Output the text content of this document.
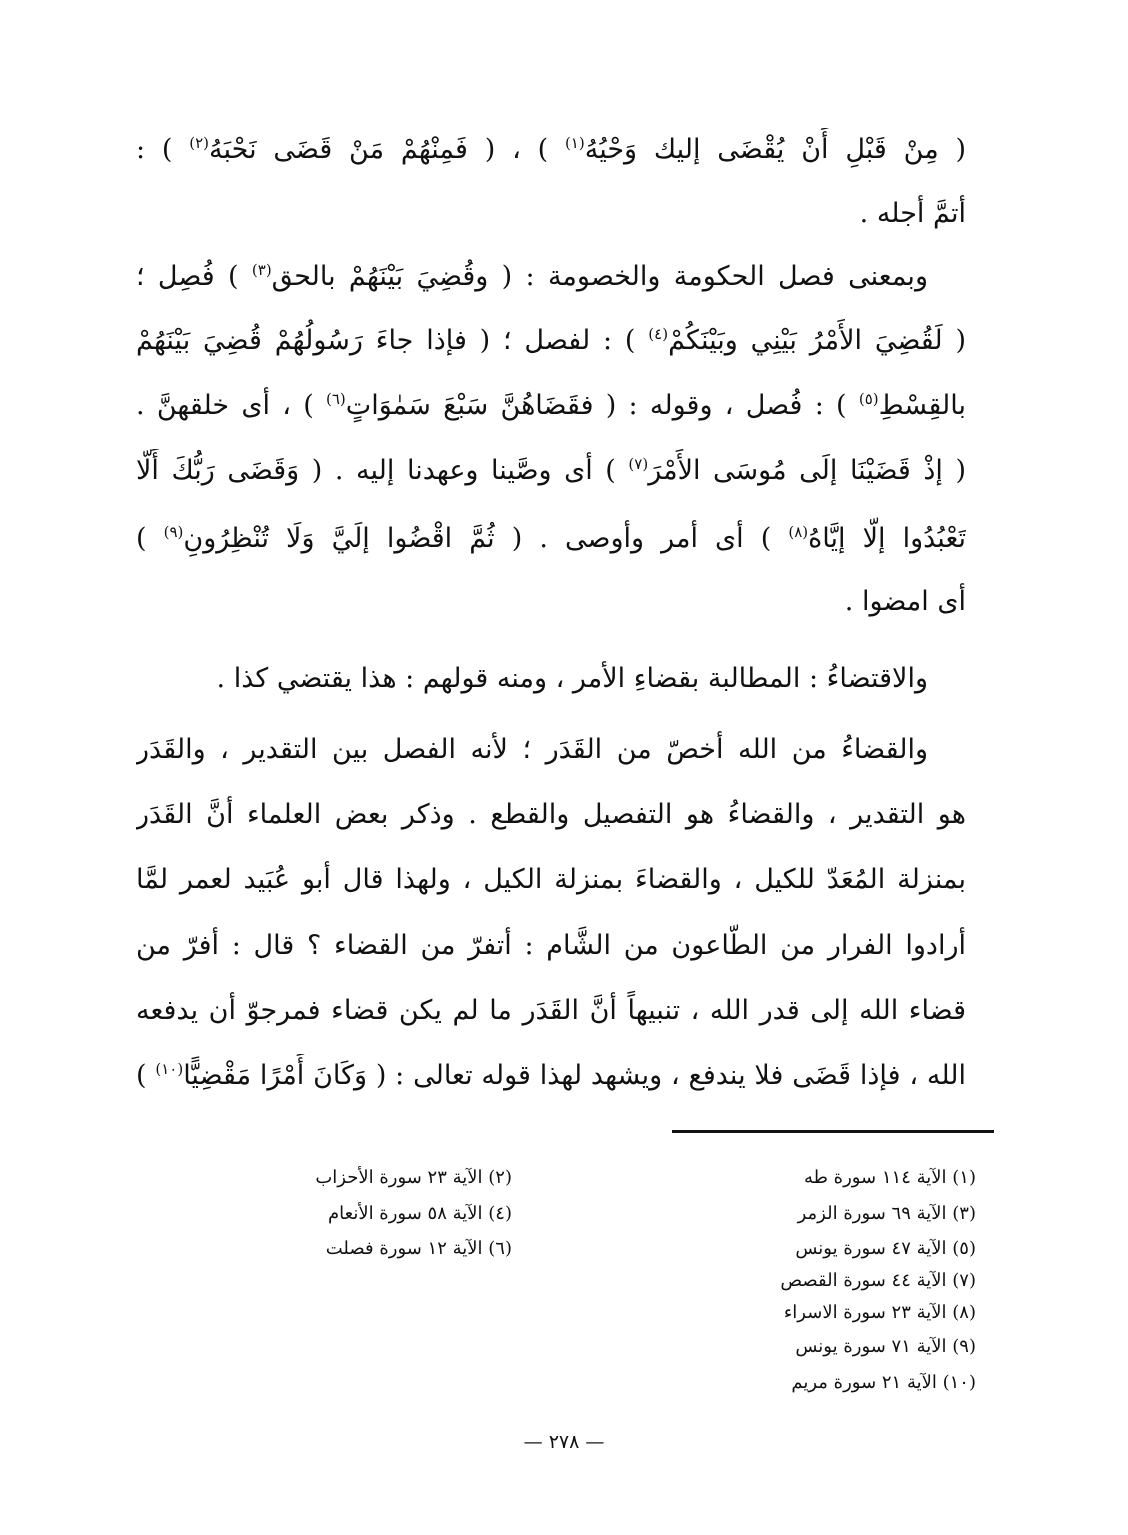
( مِنْ قَبْلِ أَنْ يُقْضَى إليك وَحْيُهُ$^{(١)}$ ) ، ( فَمِنْهُمْ مَنْ قَضَى نَحْبَهُ$^{(٢)}$ ) :
أتمَّ أجله .
وبمعنى فصل الحكومة والخصومة : ( وقُضِيَ بَيْنَهُمْ بالحق$^{(٣)}$ ) فُصِل ؛
( لَقُضِيَ الأَمْرُ بَيْنِي وبَيْنَكُمْ$^{(٤)}$ ) : لفصل ؛ ( فإذا جاءَ رَسُولُهُمْ قُضِيَ بَيْنَهُمْ
بالقِسْطِ$^{(٥)}$ ) : فُصل ، وقوله : ( فقَضَاهُنَّ سَبْعَ سَمٰوَاتٍ$^{(٦)}$ ) ، أى خلقهنَّ .
( إذْ قَضَيْنَا إلَى مُوسَى الأَمْرَ$^{(٧)}$ ) أى وصَّينا وعهدنا إليه . ( وَقَضَى رَبُّكَ أَلَّا
تَعْبُدُوا إلَّا إيَّاهُ$^{(٨)}$ ) أى أمر وأوصى . ( ثُمَّ اقْضُوا إلَيَّ وَلَا تُنْظِرُونِ$^{(٩)}$ )
أى امضوا .
والاقتضاءُ : المطالبة بقضاءِ الأمر ، ومنه قولهم : هذا يقتضي كذا .
والقضاءُ من الله أخصّ من القَدَر ؛ لأنه الفصل بين التقدير ، والقَدَر
هو التقدير ، والقضاءُ هو التفصيل والقطع . وذكر بعض العلماء أنَّ القَدَر
بمنزلة المُعَدّ للكيل ، والقضاءَ بمنزلة الكيل ، ولهذا قال أبو عُبَيد لعمر لمَّا
أرادوا الفرار من الطَّاعون من الشَّام : أتفرّ من القضاء ؟ قال : أفرّ من
قضاء الله إلى قدر الله ، تنبيهاً أنَّ القَدَر ما لم يكن قضاء فمرجوّ أن يدفعه
الله ، فإذا قَضَى فلا يندفع ، ويشهد لهذا قوله تعالى : ( وَكَانَ أَمْرًا مَقْضِيًّا$^{(١٠)}$ )
(١) الآية ١١٤ سورة طه
(٣) الآية ٦٩ سورة الزمر
(٥) الآية ٤٧ سورة يونس
(٧) الآية ٤٤ سورة القصص
(٨) الآية ٢٣ سورة الاسراء
(٩) الآية ٧١ سورة يونس
(١٠) الآية ٢١ سورة مريم
(٢) الآية ٢٣ سورة الأحزاب
(٤) الآية ٥٨ سورة الأنعام
(٦) الآية ١٢ سورة فصلت
— ٢٧٨ —
